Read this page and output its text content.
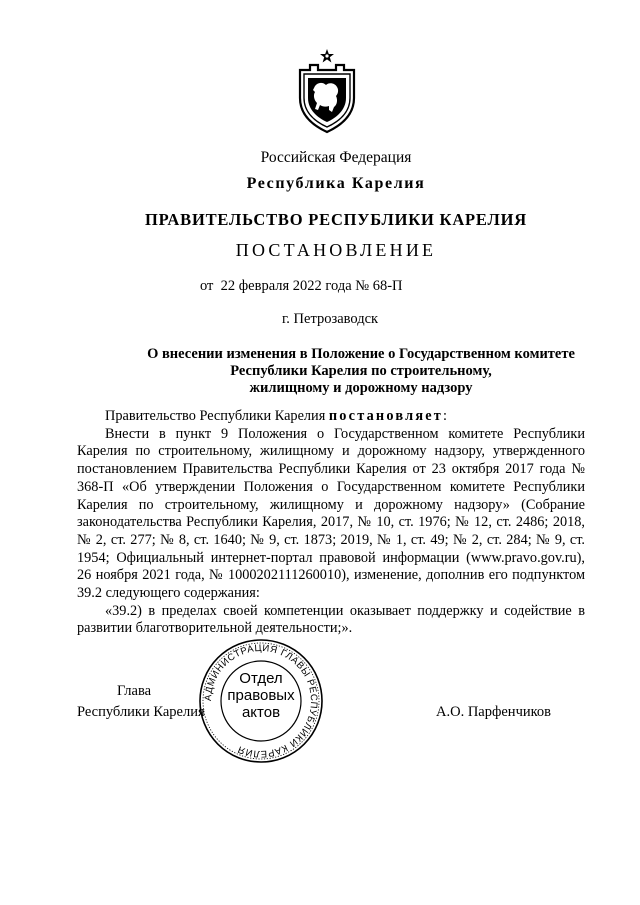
Российская Федерация
Республика Карелия
ПРАВИТЕЛЬСТВО РЕСПУБЛИКИ КАРЕЛИЯ
ПОСТАНОВЛЕНИЕ
от  22 февраля 2022 года № 68-П
г. Петрозаводск
О внесении изменения в Положение о Государственном комитете
Республики Карелия по строительному,
жилищному и дорожному надзору

Правительство Республики Карелия постановляет:

Внести в пункт 9 Положения о Государственном комитете Республики Карелия по строительному, жилищному и дорожному надзору, утвержденного постановлением Правительства Республики Карелия от 23 октября 2017 года № 368-П «Об утверждении Положения о Государственном комитете Республики Карелия по строительному, жилищному и дорожному надзору» (Собрание законодательства Республики Карелия, 2017, № 10, ст. 1976; № 12, ст. 2486; 2018, № 2, ст. 277; № 8, ст. 1640; № 9, ст. 1873; 2019, № 1, ст. 49; № 2, ст. 284; № 9, ст. 1954; Официальный интернет-портал правовой информации (www.pravo.gov.ru), 26 ноября 2021 года, № 1000202111260010), изменение, дополнив его подпунктом 39.2 следующего содержания:

«39.2) в пределах своей компетенции оказывает поддержку и содействие в развитии благотворительной деятельности;».

Глава
Республики Карелия	А.О. Парфенчиков
АДМИНИСТРАЦИЯ ГЛАВЫ РЕСПУБЛИКИ КАРЕЛИЯ
Отдел
правовых
актов
